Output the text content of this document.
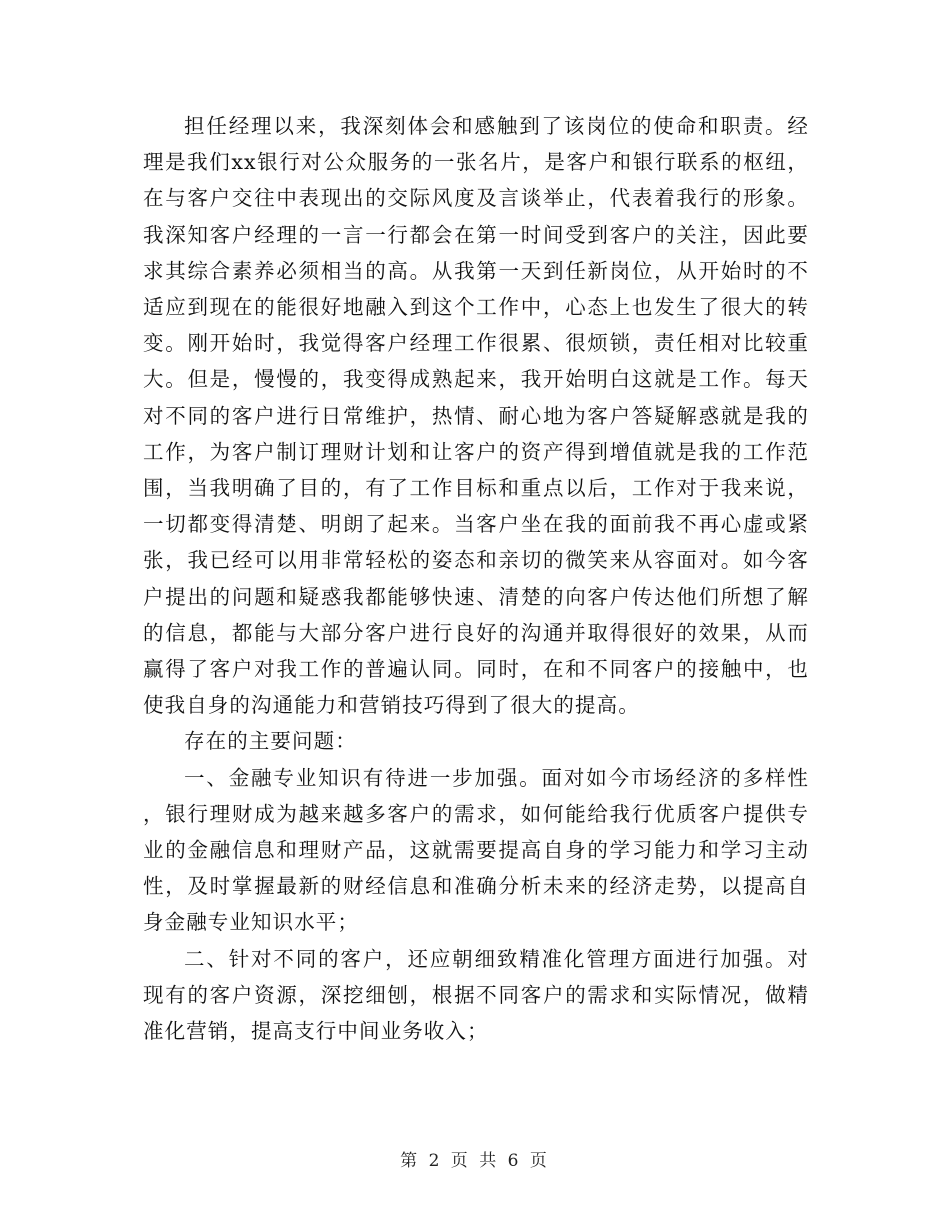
担任经理以来，我深刻体会和感触到了该岗位的使命和职责。经理是我们xx银行对公众服务的一张名片，是客户和银行联系的枢纽，在与客户交往中表现出的交际风度及言谈举止，代表着我行的形象。我深知客户经理的一言一行都会在第一时间受到客户的关注，因此要求其综合素养必须相当的高。从我第一天到任新岗位，从开始时的不适应到现在的能很好地融入到这个工作中，心态上也发生了很大的转变。刚开始时，我觉得客户经理工作很累、很烦锁，责任相对比较重大。但是，慢慢的，我变得成熟起来，我开始明白这就是工作。每天对不同的客户进行日常维护，热情、耐心地为客户答疑解惑就是我的工作，为客户制订理财计划和让客户的资产得到增值就是我的工作范围，当我明确了目的，有了工作目标和重点以后，工作对于我来说，一切都变得清楚、明朗了起来。当客户坐在我的面前我不再心虚或紧张，我已经可以用非常轻松的姿态和亲切的微笑来从容面对。如今客户提出的问题和疑惑我都能够快速、清楚的向客户传达他们所想了解的信息，都能与大部分客户进行良好的沟通并取得很好的效果，从而赢得了客户对我工作的普遍认同。同时，在和不同客户的接触中，也使我自身的沟通能力和营销技巧得到了很大的提高。

存在的主要问题：

一、金融专业知识有待进一步加强。面对如今市场经济的多样性，银行理财成为越来越多客户的需求，如何能给我行优质客户提供专业的金融信息和理财产品，这就需要提高自身的学习能力和学习主动性，及时掌握最新的财经信息和准确分析未来的经济走势，以提高自身金融专业知识水平；

二、针对不同的客户，还应朝细致精准化管理方面进行加强。对现有的客户资源，深挖细刨，根据不同客户的需求和实际情况，做精准化营销，提高支行中间业务收入；

第 2 页 共 6 页
